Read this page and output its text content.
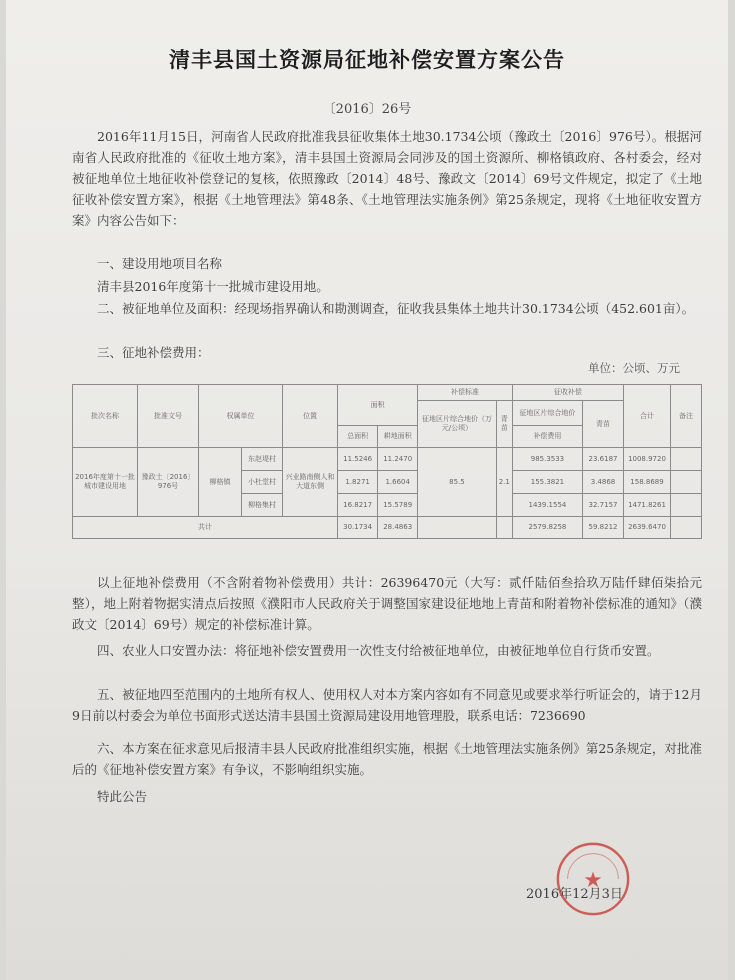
清丰县国土资源局征地补偿安置方案公告
〔2016〕26号
2016年11月15日，河南省人民政府批准我县征收集体土地30.1734公顷（豫政土〔2016〕976号）。根据河南省人民政府批准的《征收土地方案》，清丰县国土资源局会同涉及的国土资源所、柳格镇政府、各村委会，经对被征地单位土地征收补偿登记的复核，依照豫政〔2014〕48号、豫政文〔2014〕69号文件规定，拟定了《土地征收补偿安置方案》，根据《土地管理法》第48条、《土地管理法实施条例》第25条规定，现将《土地征收安置方案》内容公告如下：
一、建设用地项目名称
清丰县2016年度第十一批城市建设用地。
二、被征地单位及面积：经现场指界确认和勘测调查，征收我县集体土地共计30.1734公顷（452.601亩）。
三、征地补偿费用：
单位：公顷、万元
批次名称	批准文号	权属单位		位置	面积		补偿标准		征收补偿		合计	备注
							征地区片综合地价（万元/公顷）	青苗	征地区片综合地价	青苗		
					总面积	耕地面积			补偿费用			
2016年度第十一批城市建设用地	豫政土〔2016〕976号	柳格镇	东赵堤村	兴业路南侧人和大道东侧	11.5246	11.2470	85.5	2.1	985.3533	23.6187	1008.9720	
			小杜堂村		1.8271	1.6604			155.3821	3.4868	158.8689	
			柳格集村		16.8217	15.5789			1439.1554	32.7157	1471.8261	
共计					30.1734	28.4863			2579.8258	59.8212	2639.6470	
以上征地补偿费用（不含附着物补偿费用）共计：26396470元（大写：贰仟陆佰叁拾玖万陆仟肆佰柒拾元整），地上附着物据实清点后按照《濮阳市人民政府关于调整国家建设征地地上青苗和附着物补偿标准的通知》（濮政文〔2014〕69号）规定的补偿标准计算。
四、农业人口安置办法：将征地补偿安置费用一次性支付给被征地单位，由被征地单位自行货币安置。
五、被征地四至范围内的土地所有权人、使用权人对本方案内容如有不同意见或要求举行听证会的，请于12月9日前以村委会为单位书面形式送达清丰县国土资源局建设用地管理股，联系电话：7236690
六、本方案在征求意见后报清丰县人民政府批准组织实施，根据《土地管理法实施条例》第25条规定，对批准后的《征地补偿安置方案》有争议，不影响组织实施。
特此公告
★
2016年12月3日
